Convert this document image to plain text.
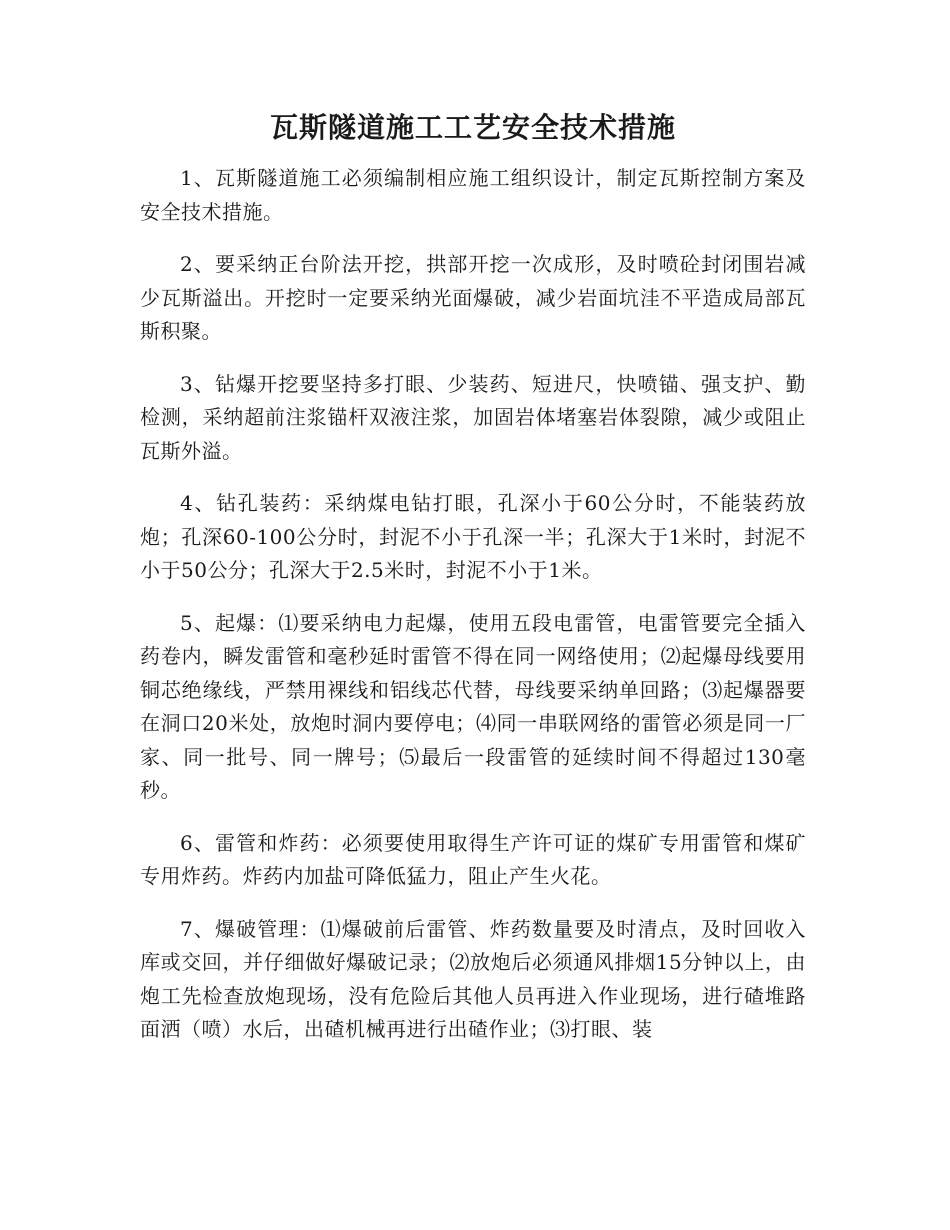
瓦斯隧道施工工艺安全技术措施

1、瓦斯隧道施工必须编制相应施工组织设计，制定瓦斯控制方案及安全技术措施。

2、要采纳正台阶法开挖，拱部开挖一次成形，及时喷砼封闭围岩减少瓦斯溢出。开挖时一定要采纳光面爆破，减少岩面坑洼不平造成局部瓦斯积聚。

3、钻爆开挖要坚持多打眼、少装药、短进尺，快喷锚、强支护、勤检测，采纳超前注浆锚杆双液注浆，加固岩体堵塞岩体裂隙，减少或阻止瓦斯外溢。

4、钻孔装药：采纳煤电钻打眼，孔深小于60公分时，不能装药放炮；孔深60-100公分时，封泥不小于孔深一半；孔深大于1米时，封泥不小于50公分；孔深大于2.5米时，封泥不小于1米。

5、起爆：⑴要采纳电力起爆，使用五段电雷管，电雷管要完全插入药卷内，瞬发雷管和毫秒延时雷管不得在同一网络使用；⑵起爆母线要用铜芯绝缘线，严禁用裸线和铝线芯代替，母线要采纳单回路；⑶起爆器要在洞口20米处，放炮时洞内要停电；⑷同一串联网络的雷管必须是同一厂家、同一批号、同一牌号；⑸最后一段雷管的延续时间不得超过130毫秒。

6、雷管和炸药：必须要使用取得生产许可证的煤矿专用雷管和煤矿专用炸药。炸药内加盐可降低猛力，阻止产生火花。

7、爆破管理：⑴爆破前后雷管、炸药数量要及时清点，及时回收入库或交回，并仔细做好爆破记录；⑵放炮后必须通风排烟15分钟以上，由炮工先检查放炮现场，没有危险后其他人员再进入作业现场，进行碴堆路面洒（喷）水后，出碴机械再进行出碴作业；⑶打眼、装
